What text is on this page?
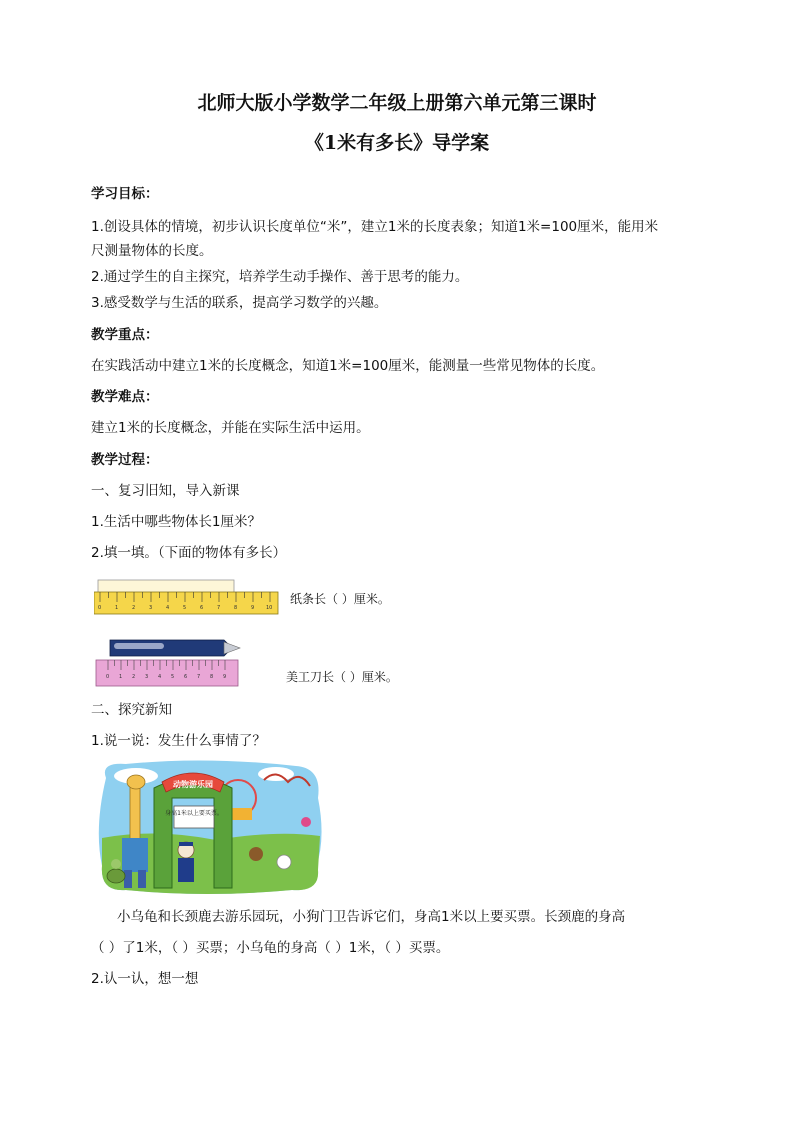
北师大版小学数学二年级上册第六单元第三课时
《1米有多长》导学案
学习目标：
1.创设具体的情境，初步认识长度单位“米”，建立1米的长度表象；知道1米=100厘米，能用米
尺测量物体的长度。
2.通过学生的自主探究，培养学生动手操作、善于思考的能力。
3.感受数学与生活的联系，提高学习数学的兴趣。
教学重点：
在实践活动中建立1米的长度概念，知道1米=100厘米，能测量一些常见物体的长度。
教学难点：
建立1米的长度概念，并能在实际生活中运用。
教学过程：
一、复习旧知，导入新课
1.生活中哪些物体长1厘米？
2.填一填。（下面的物体有多长）
0	1	2	3	4	5	6	7	8	9 10
纸条长（ ）厘米。
0 1 2 3 4 5 6 7 8 9	美工刀长（ ）厘米。
二、探究新知
1.说一说：发生什么事情了？
动物游乐园
身高1米以上要买票。
小乌龟和长颈鹿去游乐园玩，小狗门卫告诉它们，身高1米以上要买票。长颈鹿的身高
（ ）了1米，（ ）买票；小乌龟的身高（ ）1米，（ ）买票。
2.认一认，想一想
